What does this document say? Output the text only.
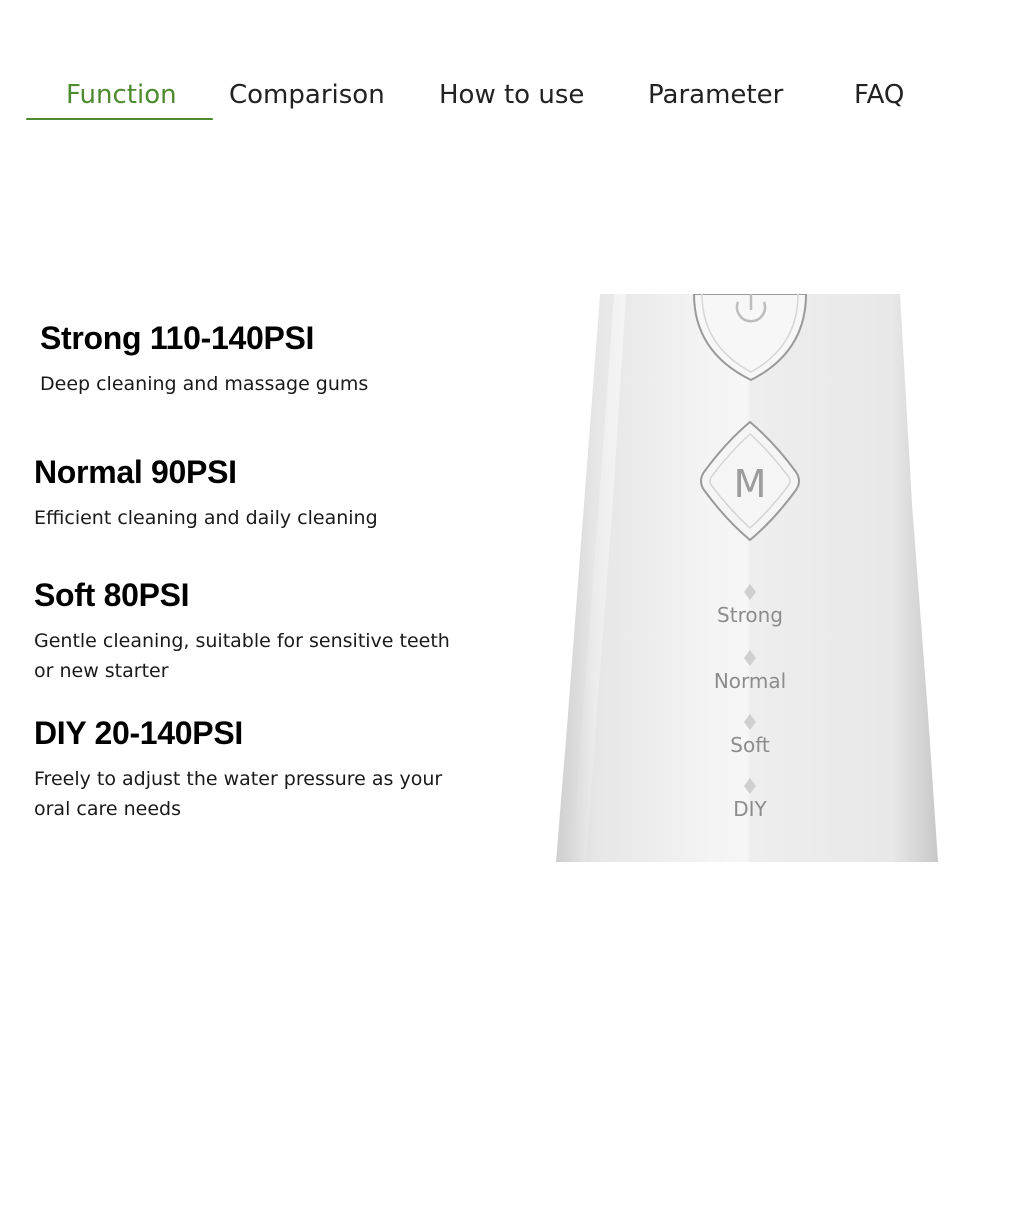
Function Comparison How to use Parameter	FAQ
Strong 110-140PSI

Deep cleaning and massage gums

Normal 90PSI

Efficient cleaning and daily cleaning

Soft 80PSI

Gentle cleaning, suitable for sensitive teeth or new starter

DIY 20-140PSI

Freely to adjust the water pressure as your oral care needs

M
Strong
Normal
Soft
DIY
